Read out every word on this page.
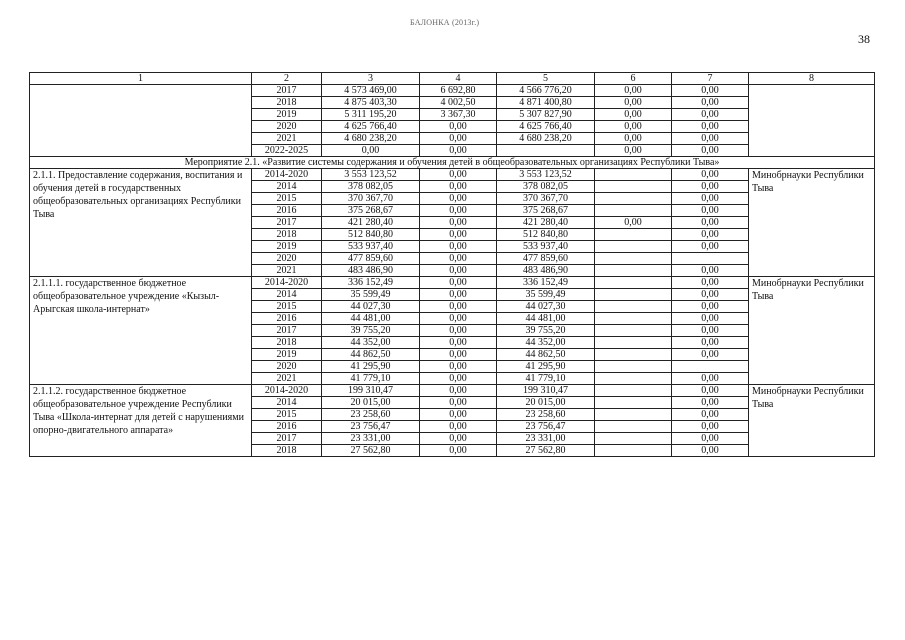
БАЛОНКА (2013г.)
38
1	2	3	4	5	6	7	8
	2017	4 573 469,00	6 692,80	4 566 776,20	0,00	0,00	
	2018	4 875 403,30	4 002,50	4 871 400,80	0,00	0,00	
	2019	5 311 195,20	3 367,30	5 307 827,90	0,00	0,00	
	2020	4 625 766,40	0,00	4 625 766,40	0,00	0,00	
	2021	4 680 238,20	0,00	4 680 238,20	0,00	0,00	
	2022-2025	0,00	0,00		0,00	0,00	
Мероприятие 2.1. «Развитие системы содержания и обучения детей в общеобразовательных организациях Республики Тыва»							
2.1.1. Предоставление содержания, воспитания и обучения детей в государственных общеобразовательных организациях Республики Тыва	2014-2020	3 553 123,52	0,00	3 553 123,52		0,00	Минобрнауки Республики Тыва
	2014	378 082,05	0,00	378 082,05		0,00	
	2015	370 367,70	0,00	370 367,70		0,00	
	2016	375 268,67	0,00	375 268,67		0,00	
	2017	421 280,40	0,00	421 280,40	0,00	0,00	
	2018	512 840,80	0,00	512 840,80		0,00	
	2019	533 937,40	0,00	533 937,40		0,00	
	2020	477 859,60	0,00	477 859,60			
	2021	483 486,90	0,00	483 486,90		0,00	
2.1.1.1. государственное бюджетное общеобразовательное учреждение «Кызыл-Арыгская школа-интернат»	2014-2020	336 152,49	0,00	336 152,49		0,00	Минобрнауки Республики Тыва
	2014	35 599,49	0,00	35 599,49		0,00	
	2015	44 027,30	0,00	44 027,30		0,00	
	2016	44 481,00	0,00	44 481,00		0,00	
	2017	39 755,20	0,00	39 755,20		0,00	
	2018	44 352,00	0,00	44 352,00		0,00	
	2019	44 862,50	0,00	44 862,50		0,00	
	2020	41 295,90	0,00	41 295,90			
	2021	41 779,10	0,00	41 779,10		0,00	
2.1.1.2. государственное бюджетное общеобразовательное учреждение Республики Тыва «Школа-интернат для детей с нарушениями опорно-двигательного аппарата»	2014-2020	199 310,47	0,00	199 310,47		0,00	Минобрнауки Республики Тыва
	2014	20 015,00	0,00	20 015,00		0,00	
	2015	23 258,60	0,00	23 258,60		0,00	
	2016	23 756,47	0,00	23 756,47		0,00	
	2017	23 331,00	0,00	23 331,00		0,00	
	2018	27 562,80	0,00	27 562,80		0,00	
